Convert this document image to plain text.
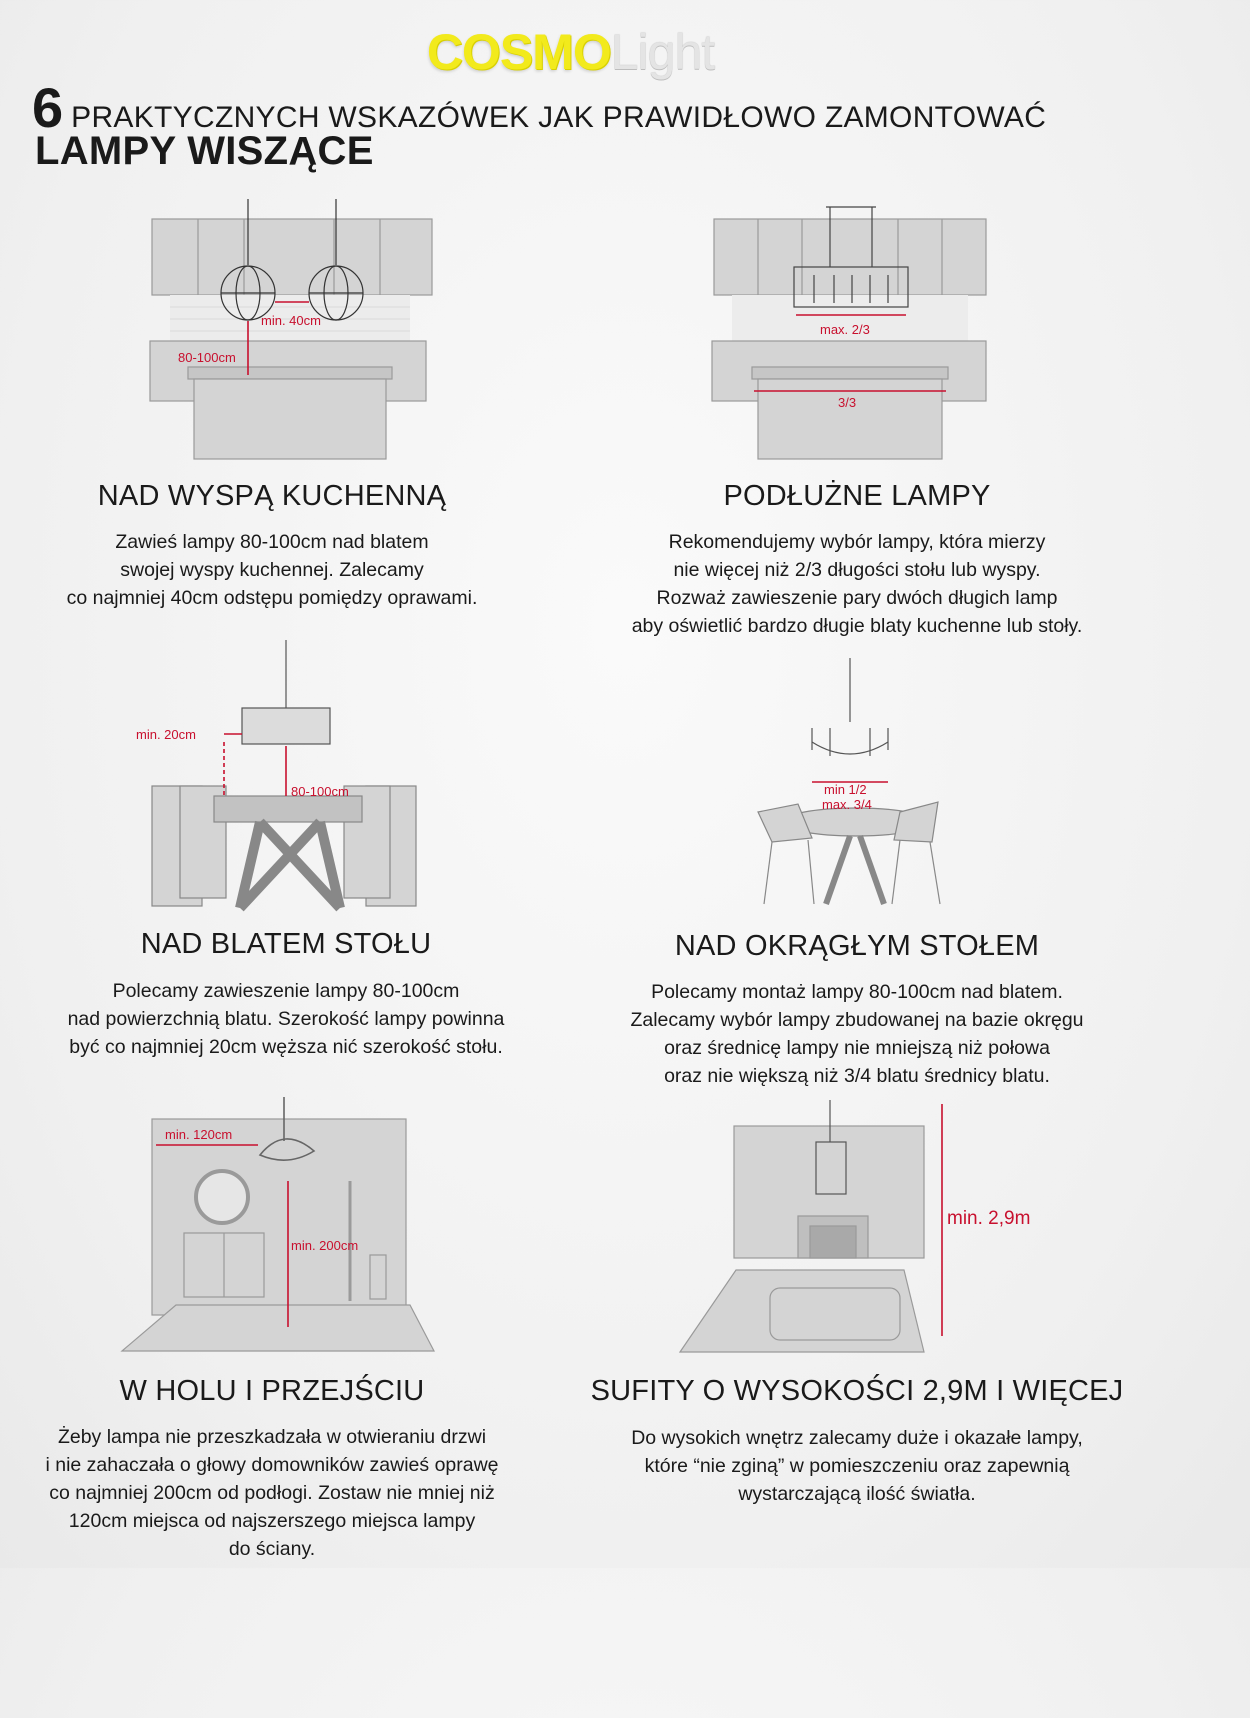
COSMOLight
6 PRAKTYCZNYCH WSKAZÓWEK JAK PRAWIDŁOWO ZAMONTOWAĆ
LAMPY WISZĄCE
min. 40cm
80-100cm
max. 2/3
3/3
min. 20cm
80-100cm	min 1/2
max. 3/4
min. 120cm
min. 200cm
min. 2,9m
NAD WYSPĄ KUCHENNĄ
Zawieś lampy 80-100cm nad blatem
swojej wyspy kuchennej. Zalecamy
co najmniej 40cm odstępu pomiędzy oprawami.
PODŁUŻNE LAMPY
Rekomendujemy wybór lampy, która mierzy
nie więcej niż 2/3 długości stołu lub wyspy.
Rozważ zawieszenie pary dwóch długich lamp
aby oświetlić bardzo długie blaty kuchenne lub stoły.
NAD BLATEM STOŁU
Polecamy zawieszenie lampy 80-100cm
nad powierzchnią blatu. Szerokość lampy powinna
być co najmniej 20cm węższa nić szerokość stołu.
NAD OKRĄGŁYM STOŁEM
Polecamy montaż lampy 80-100cm nad blatem.
Zalecamy wybór lampy zbudowanej na bazie okręgu
oraz średnicę lampy nie mniejszą niż połowa
oraz nie większą niż 3/4 blatu średnicy blatu.
W HOLU I PRZEJŚCIU
Żeby lampa nie przeszkadzała w otwieraniu drzwi
i nie zahaczała o głowy domowników zawieś oprawę
co najmniej 200cm od podłogi. Zostaw nie mniej niż
120cm miejsca od najszerszego miejsca lampy
do ściany.
SUFITY O WYSOKOŚCI 2,9M I WIĘCEJ
Do wysokich wnętrz zalecamy duże i okazałe lampy,
które “nie zginą” w pomieszczeniu oraz zapewnią
wystarczającą ilość światła.
